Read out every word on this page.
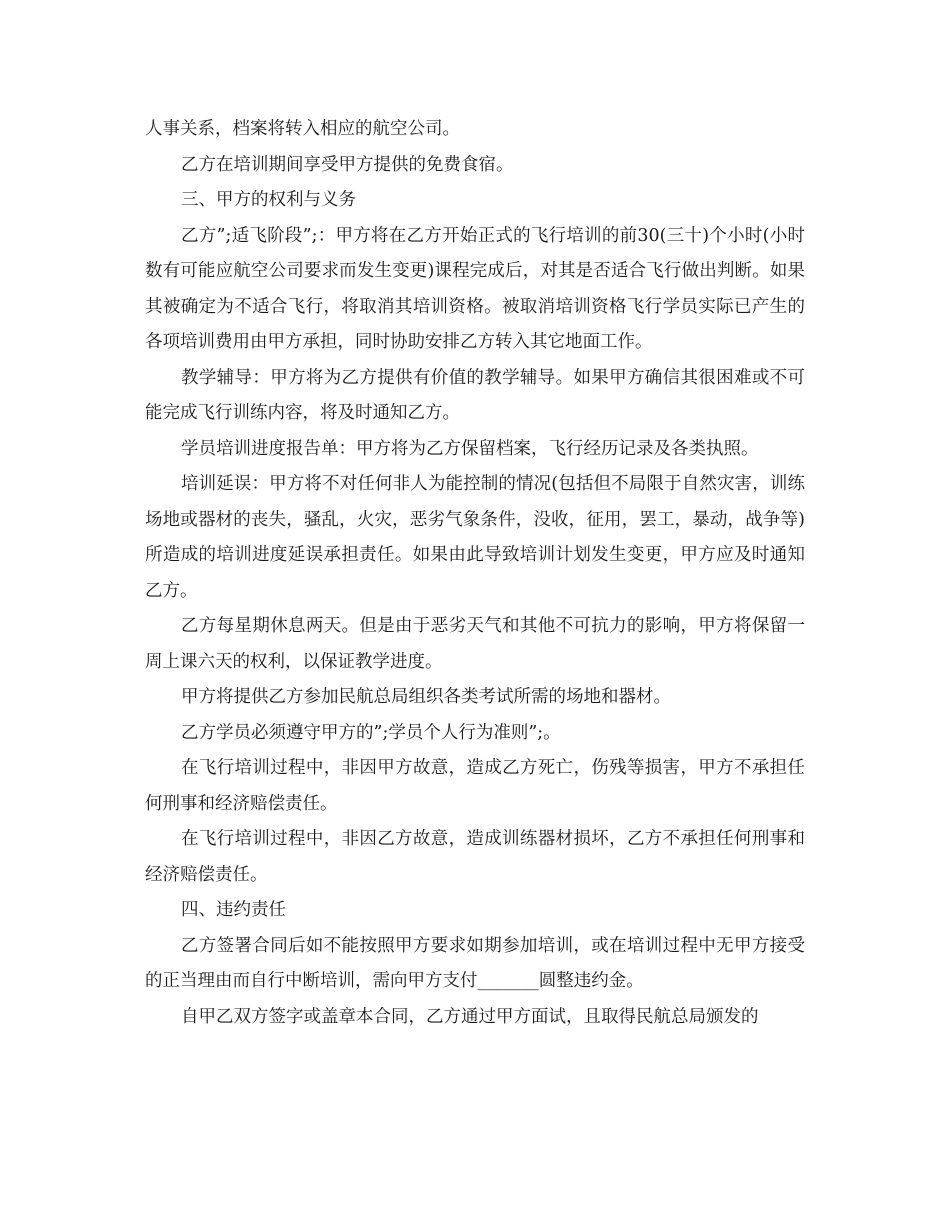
人事关系，档案将转入相应的航空公司。

乙方在培训期间享受甲方提供的免费食宿。

三、甲方的权利与义务

乙方”;适飞阶段”;：甲方将在乙方开始正式的飞行培训的前30(三十)个小时(小时数有可能应航空公司要求而发生变更)课程完成后，对其是否适合飞行做出判断。如果其被确定为不适合飞行，将取消其培训资格。被取消培训资格飞行学员实际已产生的各项培训费用由甲方承担，同时协助安排乙方转入其它地面工作。

教学辅导：甲方将为乙方提供有价值的教学辅导。如果甲方确信其很困难或不可能完成飞行训练内容，将及时通知乙方。

学员培训进度报告单：甲方将为乙方保留档案，飞行经历记录及各类执照。

培训延误：甲方将不对任何非人为能控制的情况(包括但不局限于自然灾害，训练场地或器材的丧失，骚乱，火灾，恶劣气象条件，没收，征用，罢工，暴动，战争等)所造成的培训进度延误承担责任。如果由此导致培训计划发生变更，甲方应及时通知乙方。

乙方每星期休息两天。但是由于恶劣天气和其他不可抗力的影响，甲方将保留一周上课六天的权利，以保证教学进度。

甲方将提供乙方参加民航总局组织各类考试所需的场地和器材。

乙方学员必须遵守甲方的”;学员个人行为准则”;。

在飞行培训过程中，非因甲方故意，造成乙方死亡，伤残等损害，甲方不承担任何刑事和经济赔偿责任。

在飞行培训过程中，非因乙方故意，造成训练器材损坏，乙方不承担任何刑事和经济赔偿责任。

四、违约责任

乙方签署合同后如不能按照甲方要求如期参加培训，或在培训过程中无甲方接受的正当理由而自行中断培训，需向甲方支付_______圆整违约金。

自甲乙双方签字或盖章本合同，乙方通过甲方面试，且取得民航总局颁发的
